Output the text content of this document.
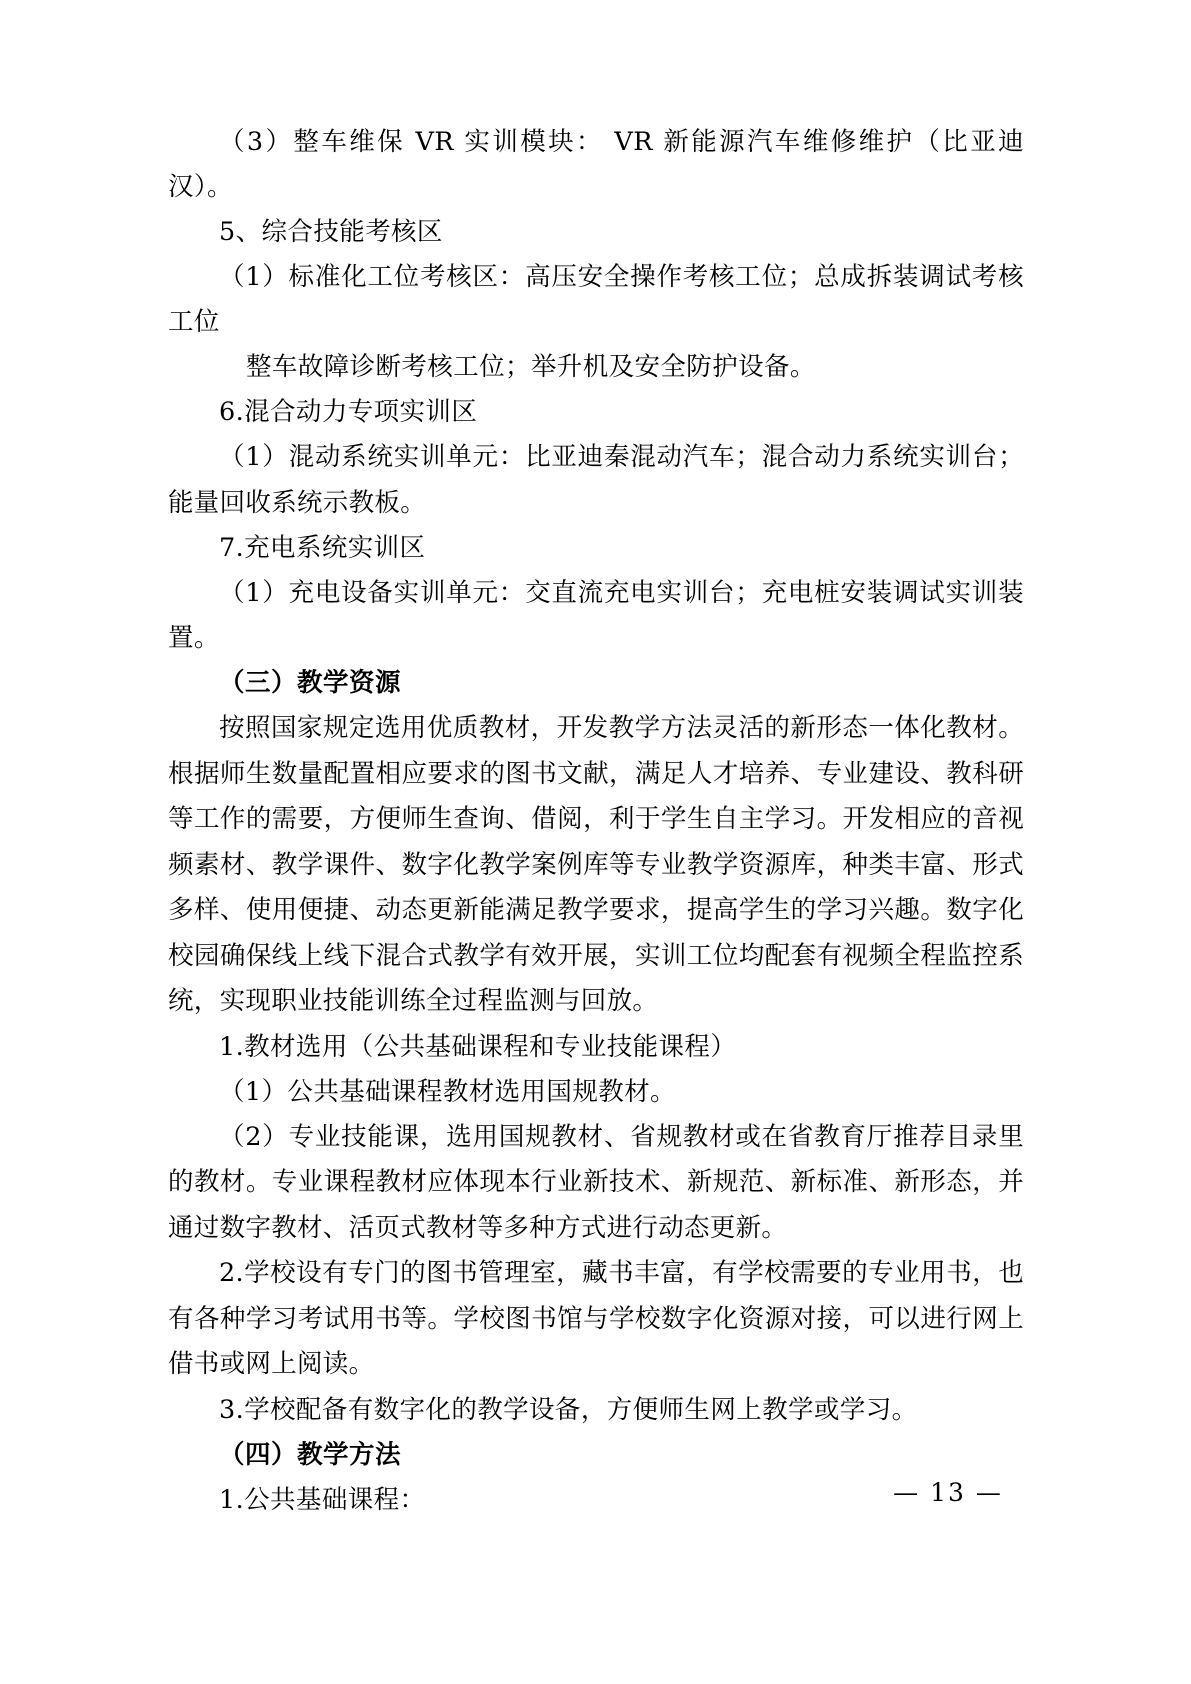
（3）整车维保 VR 实训模块： VR 新能源汽车维修维护（比亚迪汉）。
5、综合技能考核区
（1）标准化工位考核区：高压安全操作考核工位；总成拆装调试考核工位
整车故障诊断考核工位；举升机及安全防护设备。
6.混合动力专项实训区

（1）混动系统实训单元：比亚迪秦混动汽车；混合动力系统实训台；能量回收系统示教板。

7.充电系统实训区
（1）充电设备实训单元：交直流充电实训台；充电桩安装调试实训装置。
（三）教学资源

按照国家规定选用优质教材，开发教学方法灵活的新形态一体化教材。根据师生数量配置相应要求的图书文献，满足人才培养、专业建设、教科研等工作的需要，方便师生查询、借阅，利于学生自主学习。开发相应的音视频素材、教学课件、数字化教学案例库等专业教学资源库，种类丰富、形式多样、使用便捷、动态更新能满足教学要求，提高学生的学习兴趣。数字化校园确保线上线下混合式教学有效开展，实训工位均配套有视频全程监控系统，实现职业技能训练全过程监测与回放。

1.教材选用（公共基础课程和专业技能课程）
（1）公共基础课程教材选用国规教材。

（2）专业技能课，选用国规教材、省规教材或在省教育厅推荐目录里的教材。专业课程教材应体现本行业新技术、新规范、新标准、新形态，并通过数字教材、活页式教材等多种方式进行动态更新。

2.学校设有专门的图书管理室，藏书丰富，有学校需要的专业用书，也有各种学习考试用书等。学校图书馆与学校数字化资源对接，可以进行网上借书或网上阅读。

3.学校配备有数字化的教学设备，方便师生网上教学或学习。
（四）教学方法
1.公共基础课程：	— 13 —
